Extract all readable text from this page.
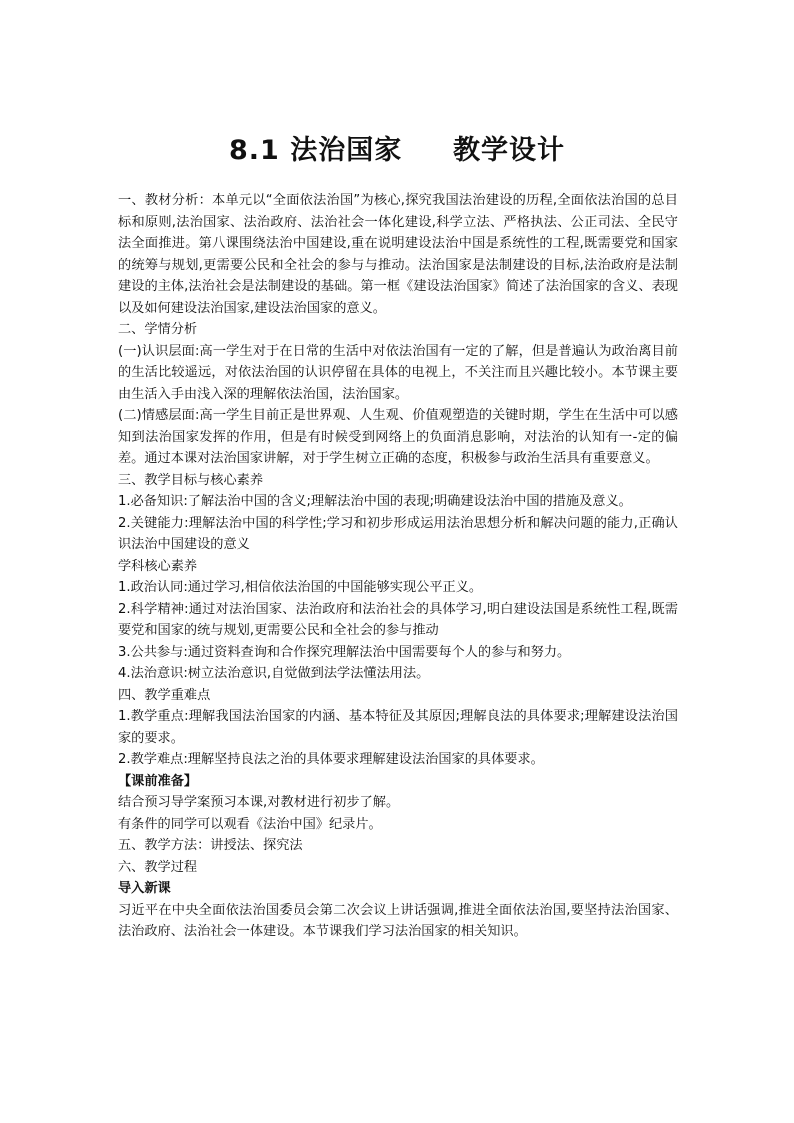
8.1 法治国家 教学设计

一、教材分析：本单元以“全面依法治国”为核心,探究我国法治建设的历程,全面依法治国的总目标和原则,法治国家、法治政府、法治社会一体化建设,科学立法、严格执法、公正司法、全民守法全面推进。第八课围绕法治中国建设,重在说明建设法治中国是系统性的工程,既需要党和国家的统筹与规划,更需要公民和全社会的参与与推动。法治国家是法制建设的目标,法治政府是法制建设的主体,法治社会是法制建设的基础。第一框《建设法治国家》简述了法治国家的含义、表现以及如何建设法治国家,建设法治国家的意义。

二、学情分析

(一)认识层面:高一学生对于在日常的生活中对依法治国有一定的了解，但是普遍认为政治离目前的生活比较遥远，对依法治国的认识停留在具体的电视上，不关注而且兴趣比较小。本节课主要由生活入手由浅入深的理解依法治国，法治国家。

(二)情感层面:高一学生目前正是世界观、人生观、价值观塑造的关键时期，学生在生活中可以感知到法治国家发挥的作用，但是有时候受到网络上的负面消息影响，对法治的认知有一-定的偏差。通过本课对法治国家讲解，对于学生树立正确的态度，积极参与政治生活具有重要意义。

三、教学目标与核心素养

1.必备知识:了解法治中国的含义;理解法治中国的表现;明确建设法治中国的措施及意义。

2.关键能力:理解法治中国的科学性;学习和初步形成运用法治思想分析和解决问题的能力,正确认识法治中国建设的意义

学科核心素养

1.政治认同:通过学习,相信依法治国的中国能够实现公平正义。

2.科学精神:通过对法治国家、法治政府和法治社会的具体学习,明白建设法国是系统性工程,既需要党和国家的统与规划,更需要公民和全社会的参与推动

3.公共参与:通过资料查询和合作探究理解法治中国需要每个人的参与和努力。

4.法治意识:树立法治意识,自觉做到法学法懂法用法。

四、教学重难点

1.教学重点:理解我国法治国家的内涵、基本特征及其原因;理解良法的具体要求;理解建设法治国家的要求。

2.教学难点:理解坚持良法之治的具体要求理解建设法治国家的具体要求。

【课前准备】

结合预习导学案预习本课,对教材进行初步了解。

有条件的同学可以观看《法治中国》纪录片。

五、教学方法：讲授法、探究法

六、教学过程

导入新课

习近平在中央全面依法治国委员会第二次会议上讲话强调,推进全面依法治国,要坚持法治国家、法治政府、法治社会一体建设。本节课我们学习法治国家的相关知识。
